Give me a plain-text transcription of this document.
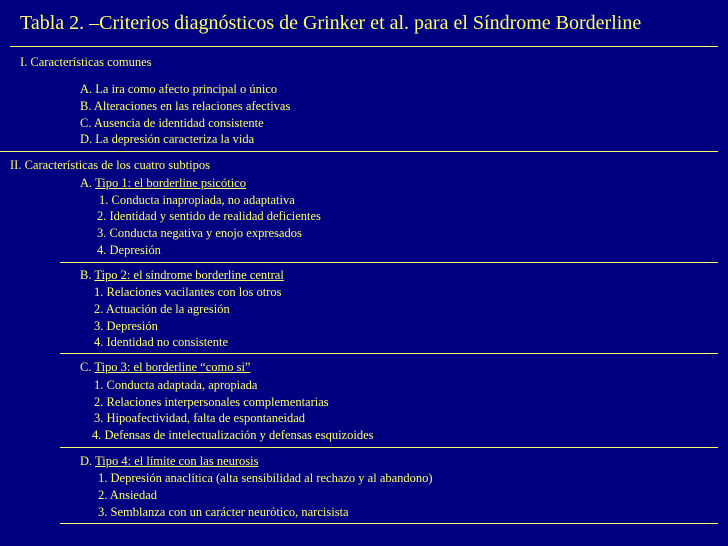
Tabla 2. –Criterios diagnósticos de Grinker et al. para el Síndrome Borderline
I. Características comunes
A. La ira como afecto principal o único
B. Alteraciones en las relaciones afectivas
C. Ausencia de identidad consistente
D. La depresión caracteriza la vida
II. Características de los cuatro subtipos
A. Tipo 1: el borderline psicótico
1. Conducta inapropiada, no adaptativa
2. Identidad y sentido de realidad deficientes
3. Conducta negativa y enojo expresados
4. Depresión
B. Tipo 2: el síndrome borderline central
1. Relaciones vacilantes con los otros
2. Actuación de la agresión
3. Depresión
4. Identidad no consistente
C. Tipo 3: el borderline “como si”
1. Conducta adaptada, apropiada
2. Relaciones interpersonales complementarias
3. Hipoafectividad, falta de espontaneidad
4. Defensas de intelectualización y defensas esquizoides
D. Tipo 4: el límite con las neurosis
1. Depresión anaclítica (alta sensibilidad al rechazo y al abandono)
2. Ansiedad
3. Semblanza con un carácter neurótico, narcisista
